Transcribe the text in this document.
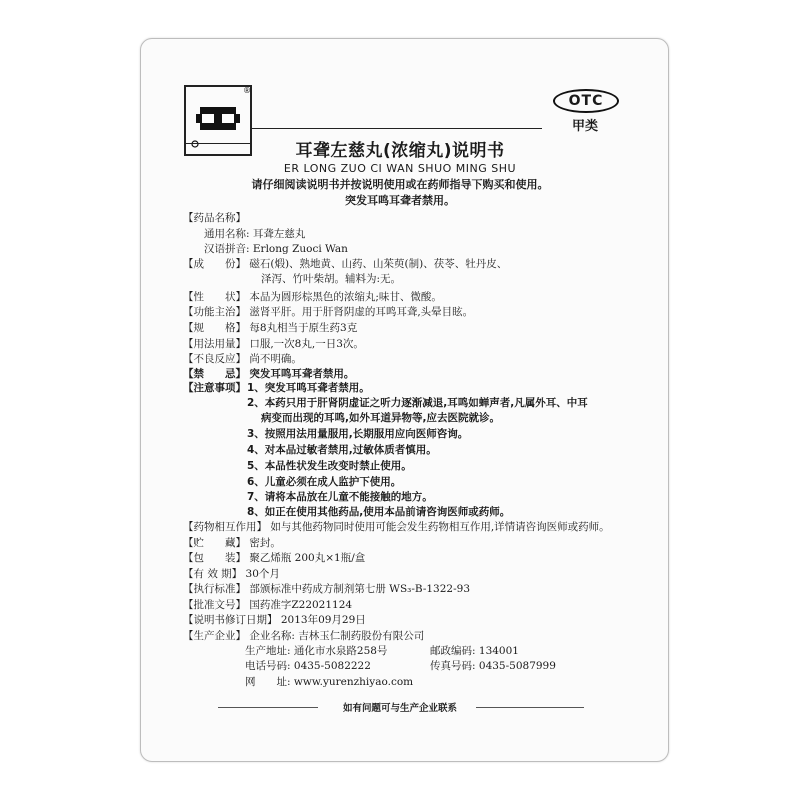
®
OTC
甲类
耳聋左慈丸(浓缩丸)说明书
ER LONG ZUO CI WAN SHUO MING SHU
请仔细阅读说明书并按说明使用或在药师指导下购买和使用。
突发耳鸣耳聋者禁用。
【药品名称】
通用名称: 耳聋左慈丸
汉语拼音: Erlong Zuoci Wan
【成　　份】 磁石(煅)、熟地黄、山药、山茱萸(制)、茯苓、牡丹皮、
泽泻、竹叶柴胡。辅料为:无。
【性　　状】 本品为圆形棕黑色的浓缩丸;味甘、微酸。
【功能主治】 滋肾平肝。用于肝肾阴虚的耳鸣耳聋,头晕目眩。
【规　　格】 每8丸相当于原生药3克
【用法用量】 口服,一次8丸,一日3次。
【不良反应】 尚不明确。
【禁　　忌】 突发耳鸣耳聋者禁用。
【注意事项】 1、突发耳鸣耳聋者禁用。
2、本药只用于肝肾阴虚证之听力逐渐减退,耳鸣如蝉声者,凡属外耳、中耳
病变而出现的耳鸣,如外耳道异物等,应去医院就诊。
3、按照用法用量服用,长期服用应向医师咨询。
4、对本品过敏者禁用,过敏体质者慎用。
5、本品性状发生改变时禁止使用。
6、儿童必须在成人监护下使用。
7、请将本品放在儿童不能接触的地方。
8、如正在使用其他药品,使用本品前请咨询医师或药师。
【药物相互作用】 如与其他药物同时使用可能会发生药物相互作用,详情请咨询医师或药师。
【贮　　藏】 密封。
【包　　装】 聚乙烯瓶 200丸×1瓶/盒
【有 效 期】 30个月
【执行标准】 部颁标准中药成方制剂第七册 WS₃-B-1322-93
【批准文号】 国药准字Z22021124
【说明书修订日期】 2013年09月29日
【生产企业】 企业名称: 吉林玉仁制药股份有限公司
生产地址: 通化市水泉路258号	邮政编码: 134001
电话号码: 0435-5082222	传真号码: 0435-5087999
网　　址: www.yurenzhiyao.com
如有问题可与生产企业联系
